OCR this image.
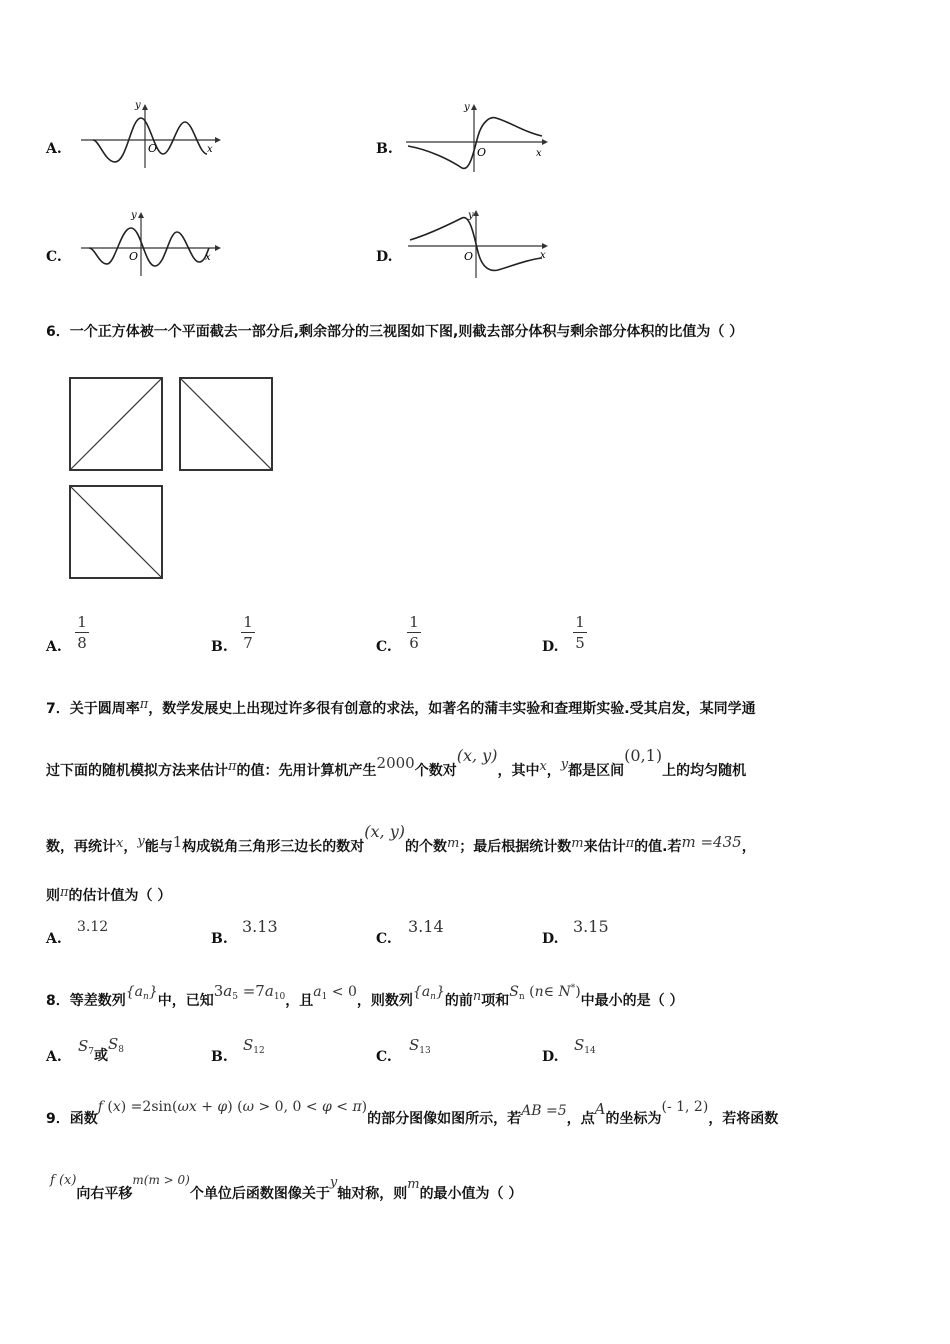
A.
y
O	x	B.
y
O	x
C.
y
O	x	D.
y
O	x
6．一个正方体被一个平面截去一部分后,剩余部分的三视图如下图,则截去部分体积与剩余部分体积的比值为（ ）
A.
1
8	B.
1
7	C.
1
6	D.
1
5
7．关于圆周率π，数学发展史上出现过许多很有创意的求法，如著名的蒲丰实验和查理斯实验.受其启发，某同学通
过下面的随机模拟方法来估计π的值：先用计算机产生2000个数对(x, y)，其中x，y都是区间(0,1)上的均匀随机
数，再统计x，y能与1构成锐角三角形三边长的数对(x, y)的个数m；最后根据统计数m来估计π的值.若m =435，
则π的估计值为（ ）
A.
3.12
B.
3.13
C.
3.14
D.
3.15
8．等差数列$\{a_n\}$中，已知$3a_5 =7a_{10}$，且$a_1 < 0$，则数列$\{a_n\}$的前n项和$S_n$ (n∈ N*)中最小的是（ ）
A.
$S_7$或$S_8$	B.
$S_{12}$	C.
$S_{13}$	D.
$S_{14}$
9．函数f (x) =2sin(ωx + φ) (ω > 0, 0 < φ < π)的部分图像如图所示，若AB =5，点A的坐标为(- 1, 2)，若将函数
f (x)向右平移m(m > 0)个单位后函数图像关于y轴对称，则m的最小值为（ ）
